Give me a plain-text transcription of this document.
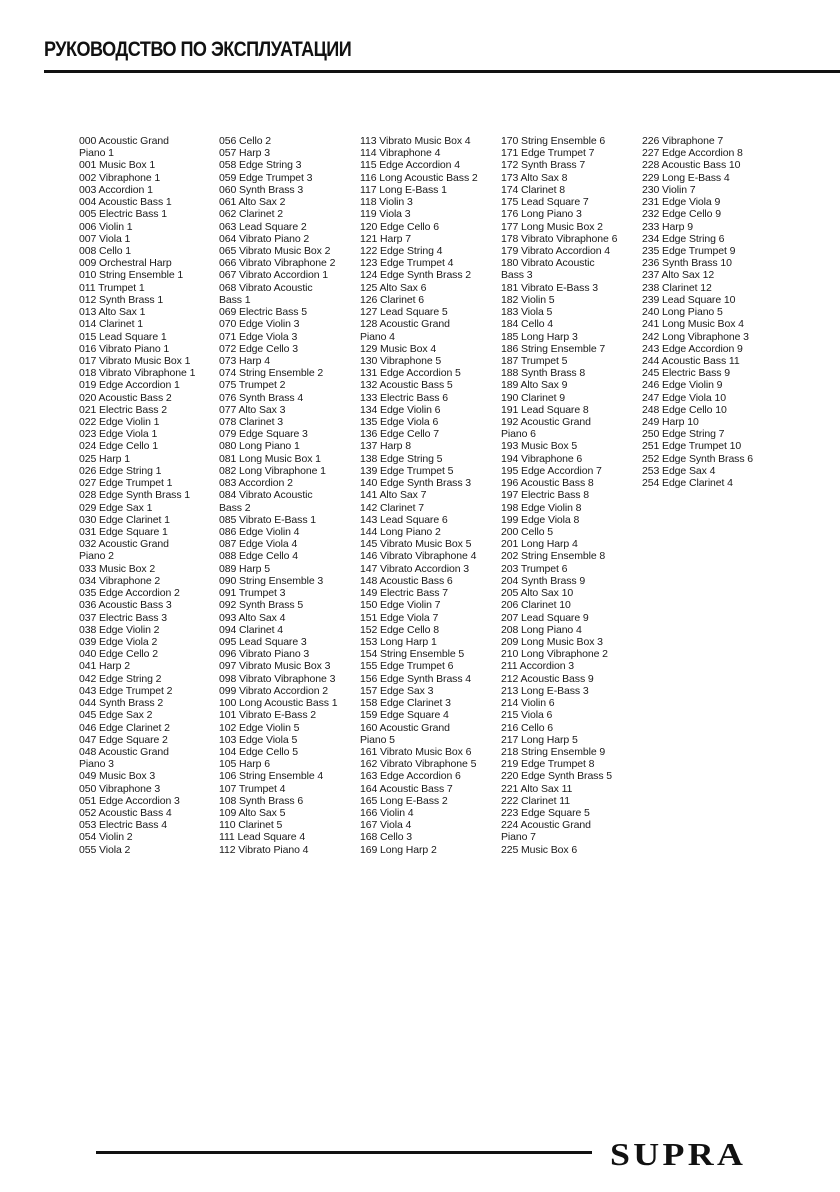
РУКОВОДСТВО ПО ЭКСПЛУАТАЦИИ
000 Acoustic Grand
Piano 1
001 Music Box 1
002 Vibraphone 1
003 Accordion 1
004 Acoustic Bass 1
005 Electric Bass 1
006 Violin 1
007 Viola 1
008 Cello 1
009 Orchestral Harp
010 String Ensemble 1
011 Trumpet 1
012 Synth Brass 1
013 Alto Sax 1
014 Clarinet 1
015 Lead Square 1
016 Vibrato Piano 1
017 Vibrato Music Box 1
018 Vibrato Vibraphone 1
019 Edge Accordion 1
020 Acoustic Bass 2
021 Electric Bass 2
022 Edge Violin 1
023 Edge Viola 1
024 Edge Cello 1
025 Harp 1
026 Edge String 1
027 Edge Trumpet 1
028 Edge Synth Brass 1
029 Edge Sax 1
030 Edge Clarinet 1
031 Edge Square 1
032 Acoustic Grand
Piano 2
033 Music Box 2
034 Vibraphone 2
035 Edge Accordion 2
036 Acoustic Bass 3
037 Electric Bass 3
038 Edge Violin 2
039 Edge Viola 2
040 Edge Cello 2
041 Harp 2
042 Edge String 2
043 Edge Trumpet 2
044 Synth Brass 2
045 Edge Sax 2
046 Edge Clarinet 2
047 Edge Square 2
048 Acoustic Grand
Piano 3
049 Music Box 3
050 Vibraphone 3
051 Edge Accordion 3
052 Acoustic Bass 4
053 Electric Bass 4
054 Violin 2
055 Viola 2
056 Cello 2
057 Harp 3
058 Edge String 3
059 Edge Trumpet 3
060 Synth Brass 3
061 Alto Sax 2
062 Clarinet 2
063 Lead Square 2
064 Vibrato Piano 2
065 Vibrato Music Box 2
066 Vibrato Vibraphone 2
067 Vibrato Accordion 1
068 Vibrato Acoustic
Bass 1
069 Electric Bass 5
070 Edge Violin 3
071 Edge Viola 3
072 Edge Cello 3
073 Harp 4
074 String Ensemble 2
075 Trumpet 2
076 Synth Brass 4
077 Alto Sax 3
078 Clarinet 3
079 Edge Square 3
080 Long Piano 1
081 Long Music Box 1
082 Long Vibraphone 1
083 Accordion 2
084 Vibrato Acoustic
Bass 2
085 Vibrato E-Bass 1
086 Edge Violin 4
087 Edge Viola 4
088 Edge Cello 4
089 Harp 5
090 String Ensemble 3
091 Trumpet 3
092 Synth Brass 5
093 Alto Sax 4
094 Clarinet 4
095 Lead Square 3
096 Vibrato Piano 3
097 Vibrato Music Box 3
098 Vibrato Vibraphone 3
099 Vibrato Accordion 2
100 Long Acoustic Bass 1
101 Vibrato E-Bass 2
102 Edge Violin 5
103 Edge Viola 5
104 Edge Cello 5
105 Harp 6
106 String Ensemble 4
107 Trumpet 4
108 Synth Brass 6
109 Alto Sax 5
110 Clarinet 5
111 Lead Square 4
112 Vibrato Piano 4
113 Vibrato Music Box 4
114 Vibraphone 4
115 Edge Accordion 4
116 Long Acoustic Bass 2
117 Long E-Bass 1
118 Violin 3
119 Viola 3
120 Edge Cello 6
121 Harp 7
122 Edge String 4
123 Edge Trumpet 4
124 Edge Synth Brass 2
125 Alto Sax 6
126 Clarinet 6
127 Lead Square 5
128 Acoustic Grand
Piano 4
129 Music Box 4
130 Vibraphone 5
131 Edge Accordion 5
132 Acoustic Bass 5
133 Electric Bass 6
134 Edge Violin 6
135 Edge Viola 6
136 Edge Cello 7
137 Harp 8
138 Edge String 5
139 Edge Trumpet 5
140 Edge Synth Brass 3
141 Alto Sax 7
142 Clarinet 7
143 Lead Square 6
144 Long Piano 2
145 Vibrato Music Box 5
146 Vibrato Vibraphone 4
147 Vibrato Accordion 3
148 Acoustic Bass 6
149 Electric Bass 7
150 Edge Violin 7
151 Edge Viola 7
152 Edge Cello 8
153 Long Harp 1
154 String Ensemble 5
155 Edge Trumpet 6
156 Edge Synth Brass 4
157 Edge Sax 3
158 Edge Clarinet 3
159 Edge Square 4
160 Acoustic Grand
Piano 5
161 Vibrato Music Box 6
162 Vibrato Vibraphone 5
163 Edge Accordion 6
164 Acoustic Bass 7
165 Long E-Bass 2
166 Violin 4
167 Viola 4
168 Cello 3
169 Long Harp 2
170 String Ensemble 6
171 Edge Trumpet 7
172 Synth Brass 7
173 Alto Sax 8
174 Clarinet 8
175 Lead Square 7
176 Long Piano 3
177 Long Music Box 2
178 Vibrato Vibraphone 6
179 Vibrato Accordion 4
180 Vibrato Acoustic
Bass 3
181 Vibrato E-Bass 3
182 Violin 5
183 Viola 5
184 Cello 4
185 Long Harp 3
186 String Ensemble 7
187 Trumpet 5
188 Synth Brass 8
189 Alto Sax 9
190 Clarinet 9
191 Lead Square 8
192 Acoustic Grand
Piano 6
193 Music Box 5
194 Vibraphone 6
195 Edge Accordion 7
196 Acoustic Bass 8
197 Electric Bass 8
198 Edge Violin 8
199 Edge Viola 8
200 Cello 5
201 Long Harp 4
202 String Ensemble 8
203 Trumpet 6
204 Synth Brass 9
205 Alto Sax 10
206 Clarinet 10
207 Lead Square 9
208 Long Piano 4
209 Long Music Box 3
210 Long Vibraphone 2
211 Accordion 3
212 Acoustic Bass 9
213 Long E-Bass 3
214 Violin 6
215 Viola 6
216 Cello 6
217 Long Harp 5
218 String Ensemble 9
219 Edge Trumpet 8
220 Edge Synth Brass 5
221 Alto Sax 11
222 Clarinet 11
223 Edge Square 5
224 Acoustic Grand
Piano 7
225 Music Box 6
226 Vibraphone 7
227 Edge Accordion 8
228 Acoustic Bass 10
229 Long E-Bass 4
230 Violin 7
231 Edge Viola 9
232 Edge Cello 9
233 Harp 9
234 Edge String 6
235 Edge Trumpet 9
236 Synth Brass 10
237 Alto Sax 12
238 Clarinet 12
239 Lead Square 10
240 Long Piano 5
241 Long Music Box 4
242 Long Vibraphone 3
243 Edge Accordion 9
244 Acoustic Bass 11
245 Electric Bass 9
246 Edge Violin 9
247 Edge Viola 10
248 Edge Cello 10
249 Harp 10
250 Edge String 7
251 Edge Trumpet 10
252 Edge Synth Brass 6
253 Edge Sax 4
254 Edge Clarinet 4
SUPRA
